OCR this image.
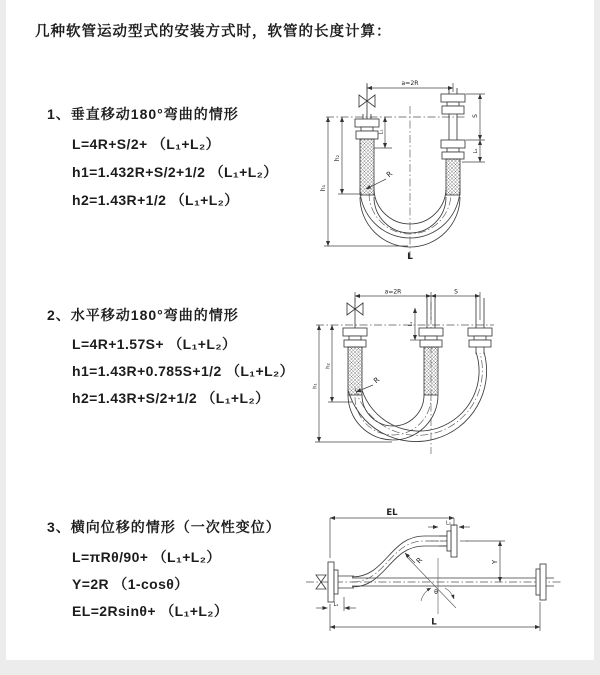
几种软管运动型式的安装方式时，软管的长度计算：
1、垂直移动180°弯曲的情形
L=4R+S/2+ （L₁+L₂）
h1=1.432R+S/2+1/2 （L₁+L₂）
h2=1.43R+1/2 （L₁+L₂）
2、水平移动180°弯曲的情形
L=4R+1.57S+ （L₁+L₂）
h1=1.43R+0.785S+1/2 （L₁+L₂）
h2=1.43R+S/2+1/2 （L₁+L₂）
3、横向位移的情形（一次性变位）
L=πRθ/90+ （L₁+L₂）
Y=2R （1-cosθ）
EL=2Rsinθ+ （L₁+L₂）
a=2R
h₂
h₁
L₁
S
L₂
R
L
a=2R	S
h₂
h₁
L₁
R
θ
EL
L₂
Y
L
L₁
R
